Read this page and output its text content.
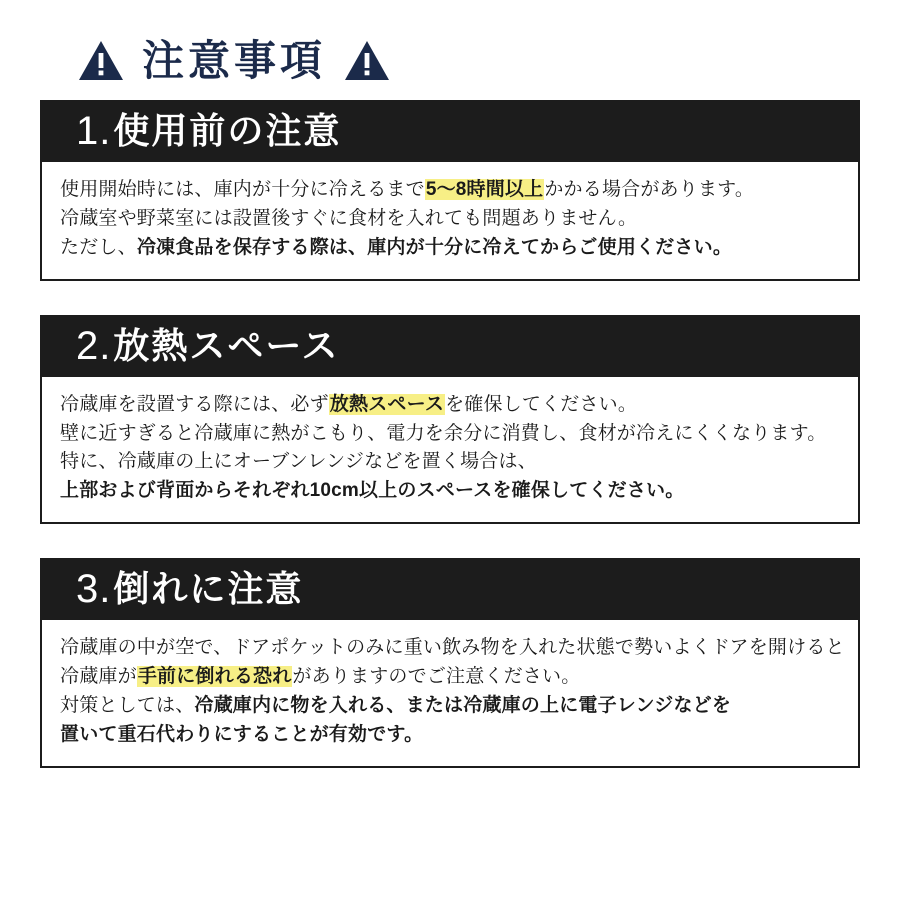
注意事項
1. 使用前の注意
使用開始時には、庫内が十分に冷えるまで5〜8時間以上かかる場合があります。
冷蔵室や野菜室には設置後すぐに食材を入れても問題ありません。
ただし、冷凍食品を保存する際は、庫内が十分に冷えてからご使用ください。
2. 放熱スペース
冷蔵庫を設置する際には、必ず放熱スペースを確保してください。
壁に近すぎると冷蔵庫に熱がこもり、電力を余分に消費し、食材が冷えにくくなります。
特に、冷蔵庫の上にオーブンレンジなどを置く場合は、
上部および背面からそれぞれ10cm以上のスペースを確保してください。
3. 倒れに注意
冷蔵庫の中が空で、ドアポケットのみに重い飲み物を入れた状態で勢いよくドアを開けると
冷蔵庫が手前に倒れる恐れがありますのでご注意ください。
対策としては、冷蔵庫内に物を入れる、または冷蔵庫の上に電子レンジなどを
置いて重石代わりにすることが有効です。
